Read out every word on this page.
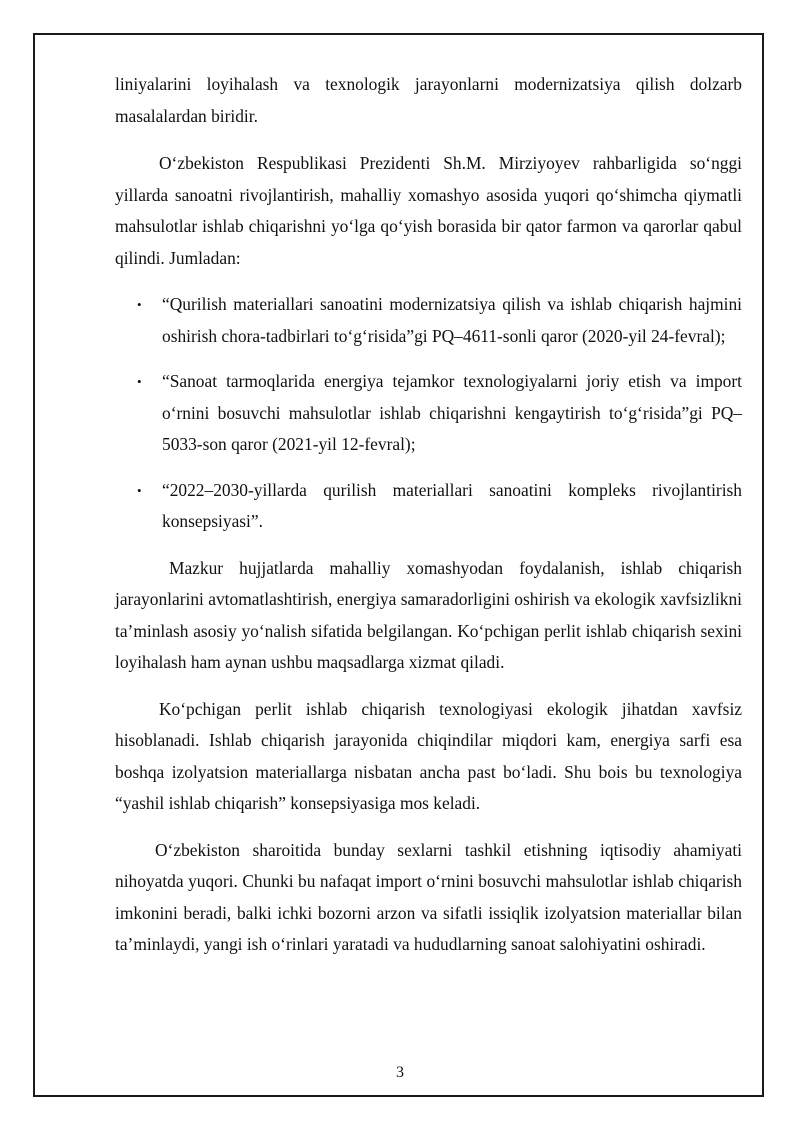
liniyalarini loyihalash va texnologik jarayonlarni modernizatsiya qilish dolzarb masalalardan biridir.

O‘zbekiston Respublikasi Prezidenti Sh.M. Mirziyoyev rahbarligida so‘nggi yillarda sanoatni rivojlantirish, mahalliy xomashyo asosida yuqori qo‘shimcha qiymatli mahsulotlar ishlab chiqarishni yo‘lga qo‘yish borasida bir qator farmon va qarorlar qabul qilindi. Jumladan:

• “Qurilish materiallari sanoatini modernizatsiya qilish va ishlab chiqarish hajmini oshirish chora-tadbirlari to‘g‘risida”gi PQ–4611-sonli qaror (2020-yil 24-fevral);
• “Sanoat tarmoqlarida energiya tejamkor texnologiyalarni joriy etish va import o‘rnini bosuvchi mahsulotlar ishlab chiqarishni kengaytirish to‘g‘risida”gi PQ–5033-son qaror (2021-yil 12-fevral);
• “2022–2030-yillarda qurilish materiallari sanoatini kompleks rivojlantirish konsepsiyasi”.

Mazkur hujjatlarda mahalliy xomashyodan foydalanish, ishlab chiqarish jarayonlarini avtomatlashtirish, energiya samaradorligini oshirish va ekologik xavfsizlikni ta’minlash asosiy yo‘nalish sifatida belgilangan. Ko‘pchigan perlit ishlab chiqarish sexini loyihalash ham aynan ushbu maqsadlarga xizmat qiladi.

Ko‘pchigan perlit ishlab chiqarish texnologiyasi ekologik jihatdan xavfsiz hisoblanadi. Ishlab chiqarish jarayonida chiqindilar miqdori kam, energiya sarfi esa boshqa izolyatsion materiallarga nisbatan ancha past bo‘ladi. Shu bois bu texnologiya “yashil ishlab chiqarish” konsepsiyasiga mos keladi.

O‘zbekiston sharoitida bunday sexlarni tashkil etishning iqtisodiy ahamiyati nihoyatda yuqori. Chunki bu nafaqat import o‘rnini bosuvchi mahsulotlar ishlab chiqarish imkonini beradi, balki ichki bozorni arzon va sifatli issiqlik izolyatsion materiallar bilan ta’minlaydi, yangi ish o‘rinlari yaratadi va hududlarning sanoat salohiyatini oshiradi.

3
